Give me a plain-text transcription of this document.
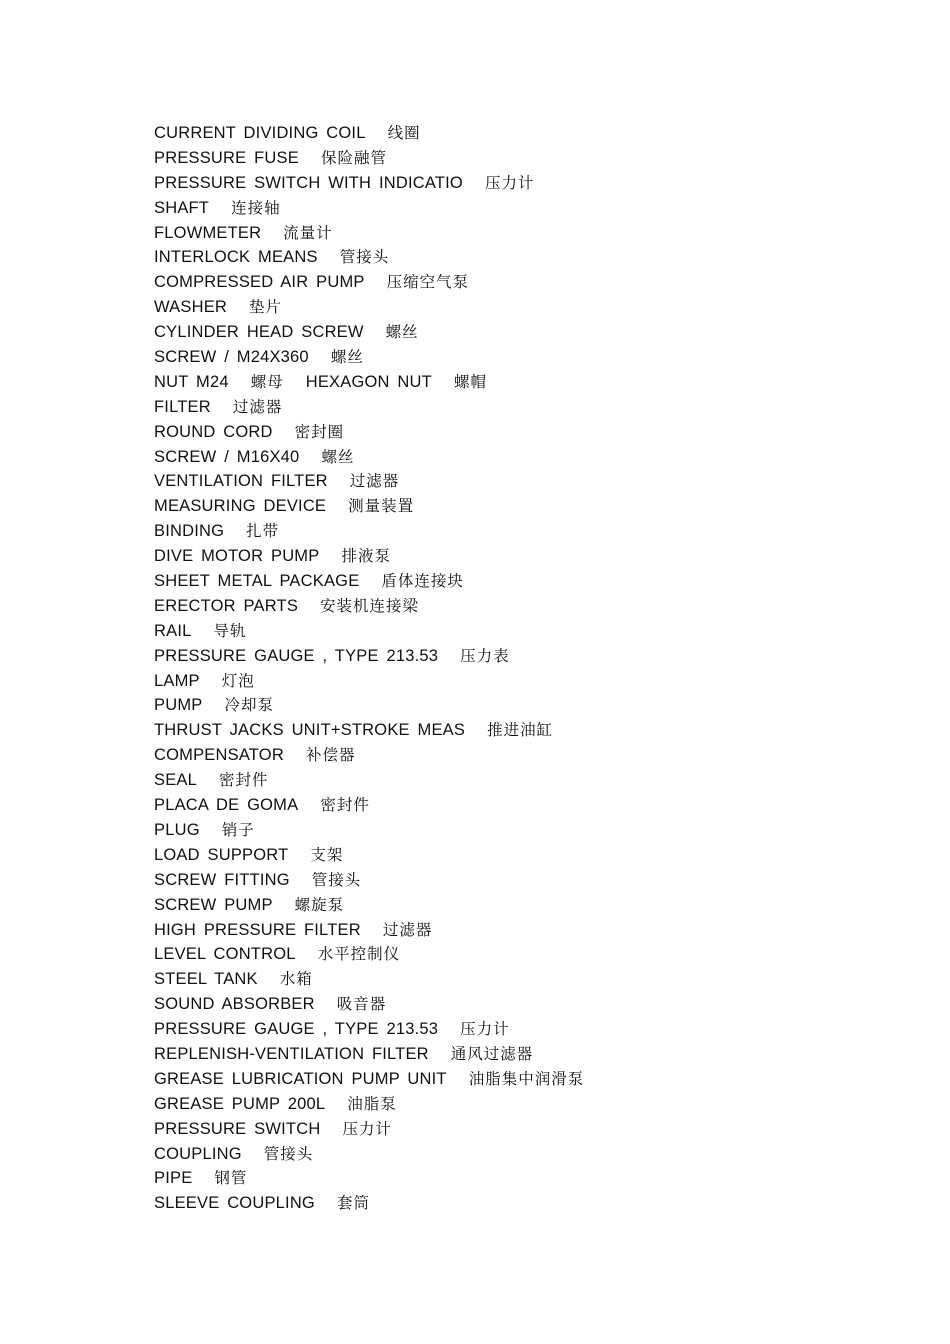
CURRENT DIVIDING COIL 线圈
PRESSURE FUSE 保险融管
PRESSURE SWITCH WITH INDICATIO 压力计
SHAFT 连接轴
FLOWMETER 流量计
INTERLOCK MEANS 管接头
COMPRESSED AIR PUMP 压缩空气泵
WASHER 垫片
CYLINDER HEAD SCREW 螺丝
SCREW / M24X360 螺丝
NUT M24 螺母 HEXAGON NUT 螺帽
FILTER 过滤器
ROUND CORD 密封圈
SCREW / M16X40 螺丝
VENTILATION FILTER 过滤器
MEASURING DEVICE 测量装置
BINDING 扎带
DIVE MOTOR PUMP 排液泵
SHEET METAL PACKAGE 盾体连接块
ERECTOR PARTS 安装机连接梁
RAIL 导轨
PRESSURE GAUGE , TYPE 213.53 压力表
LAMP 灯泡
PUMP 冷却泵
THRUST JACKS UNIT+STROKE MEAS 推进油缸
COMPENSATOR 补偿器
SEAL 密封件
PLACA DE GOMA 密封件
PLUG 销子
LOAD SUPPORT 支架
SCREW FITTING 管接头
SCREW PUMP 螺旋泵
HIGH PRESSURE FILTER 过滤器
LEVEL CONTROL 水平控制仪
STEEL TANK 水箱
SOUND ABSORBER 吸音器
PRESSURE GAUGE , TYPE 213.53 压力计
REPLENISH-VENTILATION FILTER 通风过滤器
GREASE LUBRICATION PUMP UNIT 油脂集中润滑泵
GREASE PUMP 200L 油脂泵
PRESSURE SWITCH 压力计
COUPLING 管接头
PIPE 钢管
SLEEVE COUPLING 套筒
